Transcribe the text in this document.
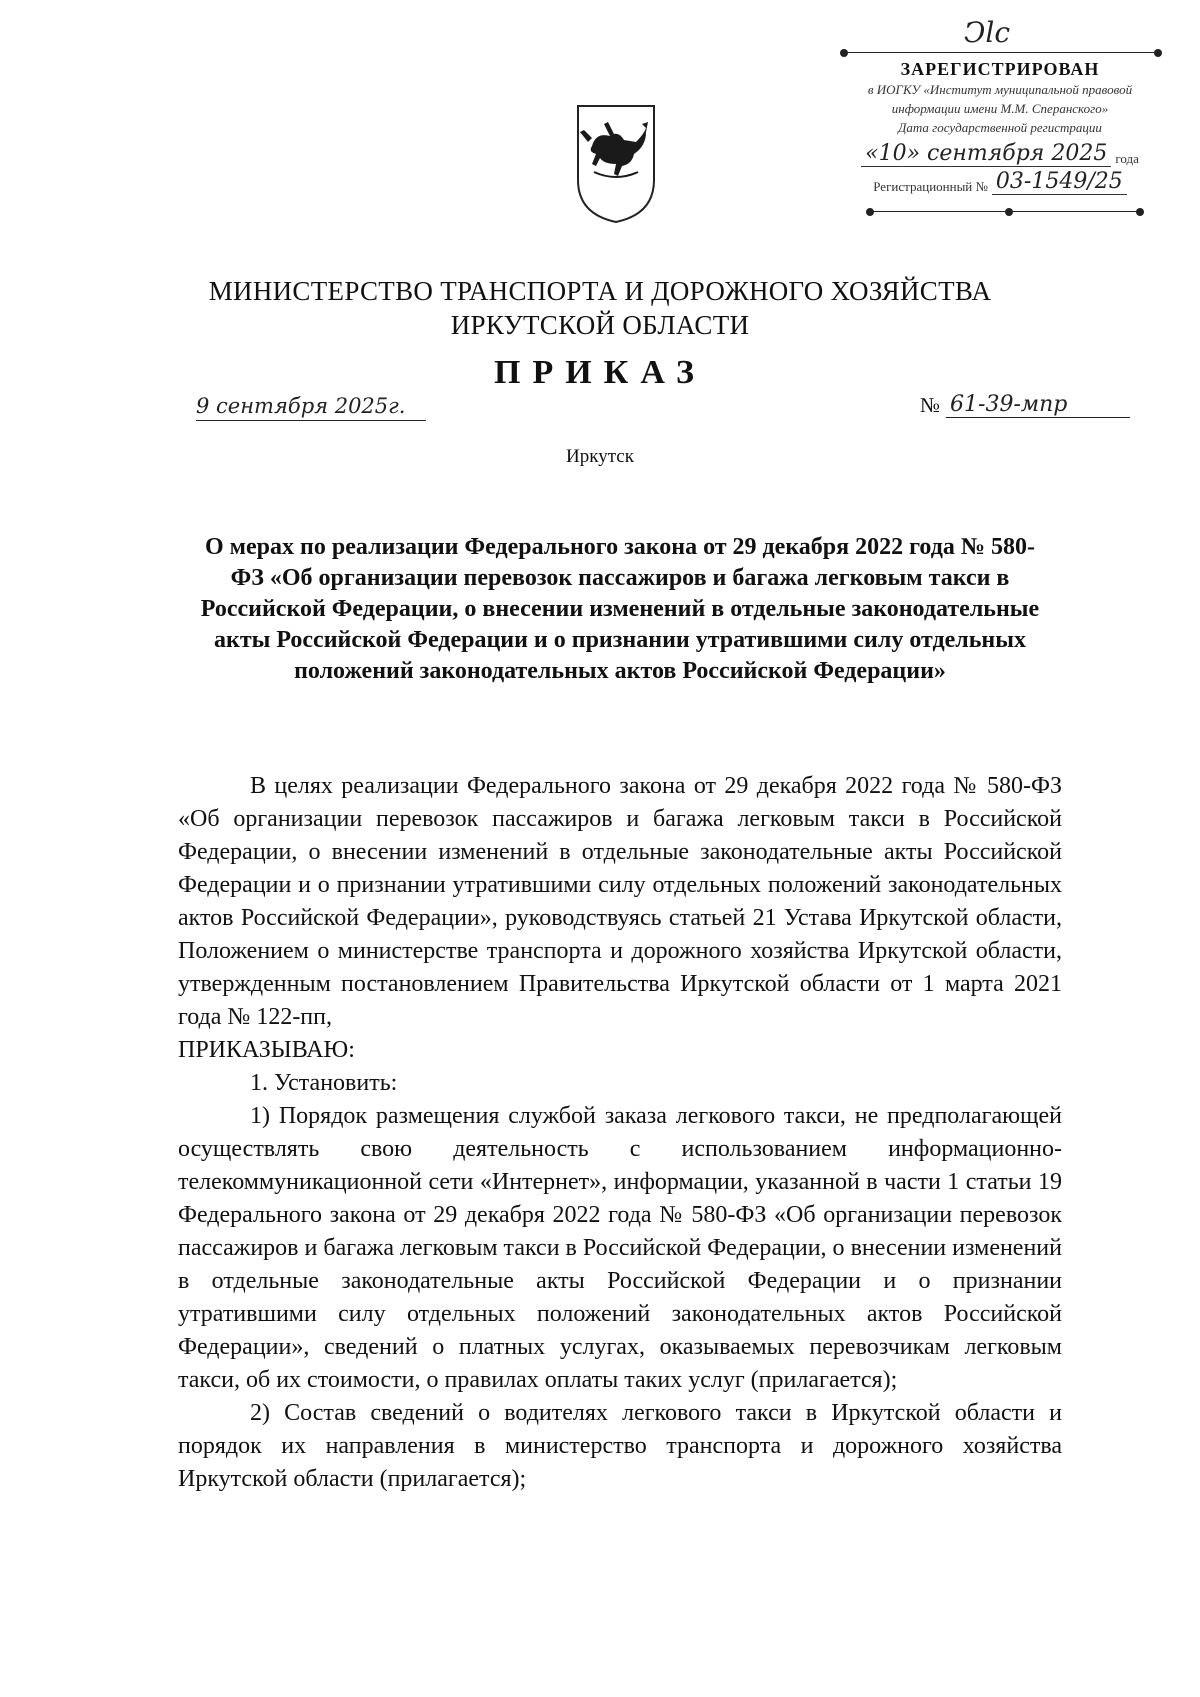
Ͻlc
ЗАРЕГИСТРИРОВАН
в ИОГКУ «Институт муниципальной правовой
информации имени М.М. Сперанского»
Дата государственной регистрации
«10» сентября 2025 года
Регистрационный № 03-1549/25
МИНИСТЕРСТВО ТРАНСПОРТА И ДОРОЖНОГО ХОЗЯЙСТВА
ИРКУТСКОЙ ОБЛАСТИ
ПРИКАЗ
9 сентября 2025г.	№ 61-39-мпр
Иркутск
О мерах по реализации Федерального закона от 29 декабря 2022 года № 580-ФЗ «Об организации перевозок пассажиров и багажа легковым такси в Российской Федерации, о внесении изменений в отдельные законодательные акты Российской Федерации и о признании утратившими силу отдельных положений законодательных актов Российской Федерации»

В целях реализации Федерального закона от 29 декабря 2022 года № 580-ФЗ «Об организации перевозок пассажиров и багажа легковым такси в Российской Федерации, о внесении изменений в отдельные законодательные акты Российской Федерации и о признании утратившими силу отдельных положений законодательных актов Российской Федерации», руководствуясь статьей 21 Устава Иркутской области, Положением о министерстве транспорта и дорожного хозяйства Иркутской области, утвержденным постановлением Правительства Иркутской области от 1 марта 2021 года № 122-пп,

ПРИКАЗЫВАЮ:

1. Установить:

1) Порядок размещения службой заказа легкового такси, не предполагающей осуществлять свою деятельность с использованием информационно-телекоммуникационной сети «Интернет», информации, указанной в части 1 статьи 19 Федерального закона от 29 декабря 2022 года № 580-ФЗ «Об организации перевозок пассажиров и багажа легковым такси в Российской Федерации, о внесении изменений в отдельные законодательные акты Российской Федерации и о признании утратившими силу отдельных положений законодательных актов Российской Федерации», сведений о платных услугах, оказываемых перевозчикам легковым такси, об их стоимости, о правилах оплаты таких услуг (прилагается);

2) Состав сведений о водителях легкового такси в Иркутской области и порядок их направления в министерство транспорта и дорожного хозяйства Иркутской области (прилагается);
